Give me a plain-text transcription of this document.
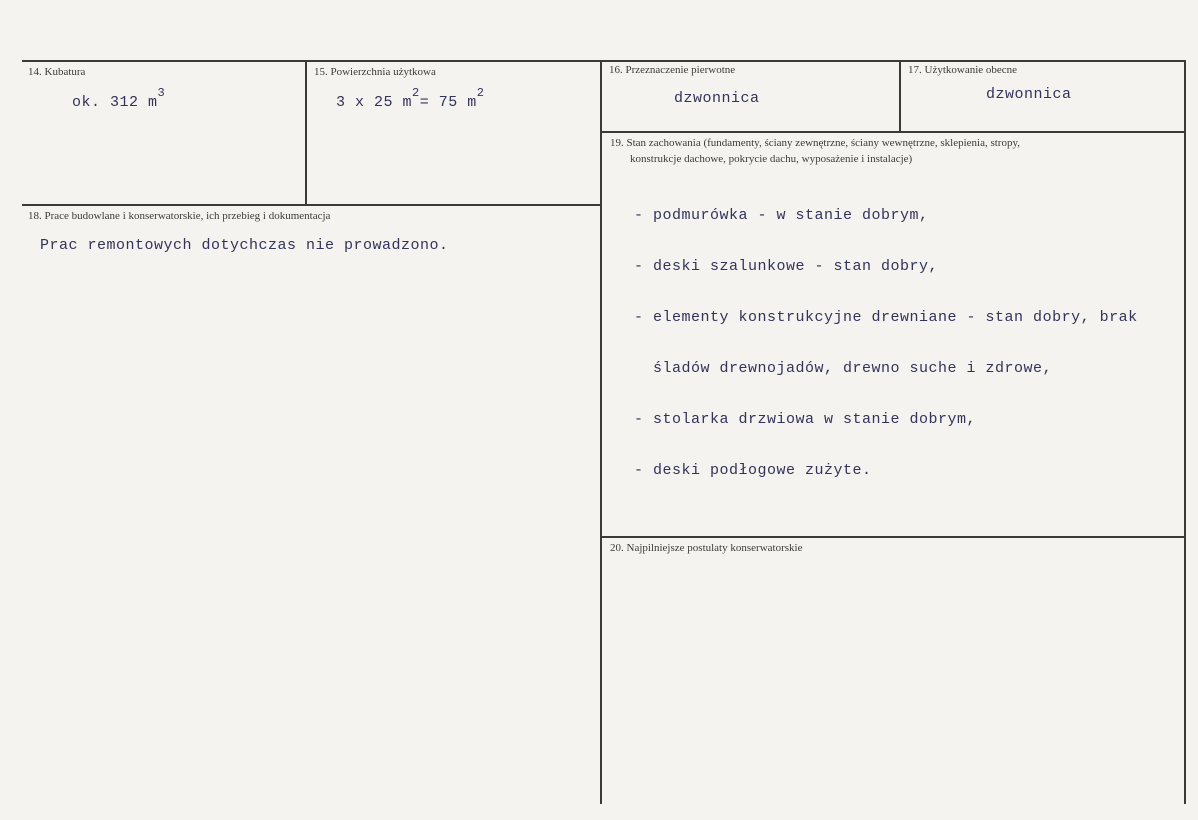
14. Kubatura
ok. 312 $m^3$
15. Powierzchnia użytkowa
3 x 25 $m^2= 75$ $m^2$
16. Przeznaczenie pierwotne
dzwonnica
17. Użytkowanie obecne
dzwonnica
18. Prace budowlane i konserwatorskie, ich przebieg i dokumentacja
Prac remontowych dotychczas nie prowadzono.
19. Stan zachowania (fundamenty, ściany zewnętrzne, ściany wewnętrzne, sklepienia, stropy,
konstrukcje dachowe, pokrycie dachu, wyposażenie i instalacje)

- podmurówka - w stanie dobrym,

- deski szalunkowe - stan dobry,

- elementy konstrukcyjne drewniane - stan dobry, brak

śladów drewnojadów, drewno suche i zdrowe,

- stolarka drzwiowa w stanie dobrym,

- deski podłogowe zużyte.

20. Najpilniejsze postulaty konserwatorskie
